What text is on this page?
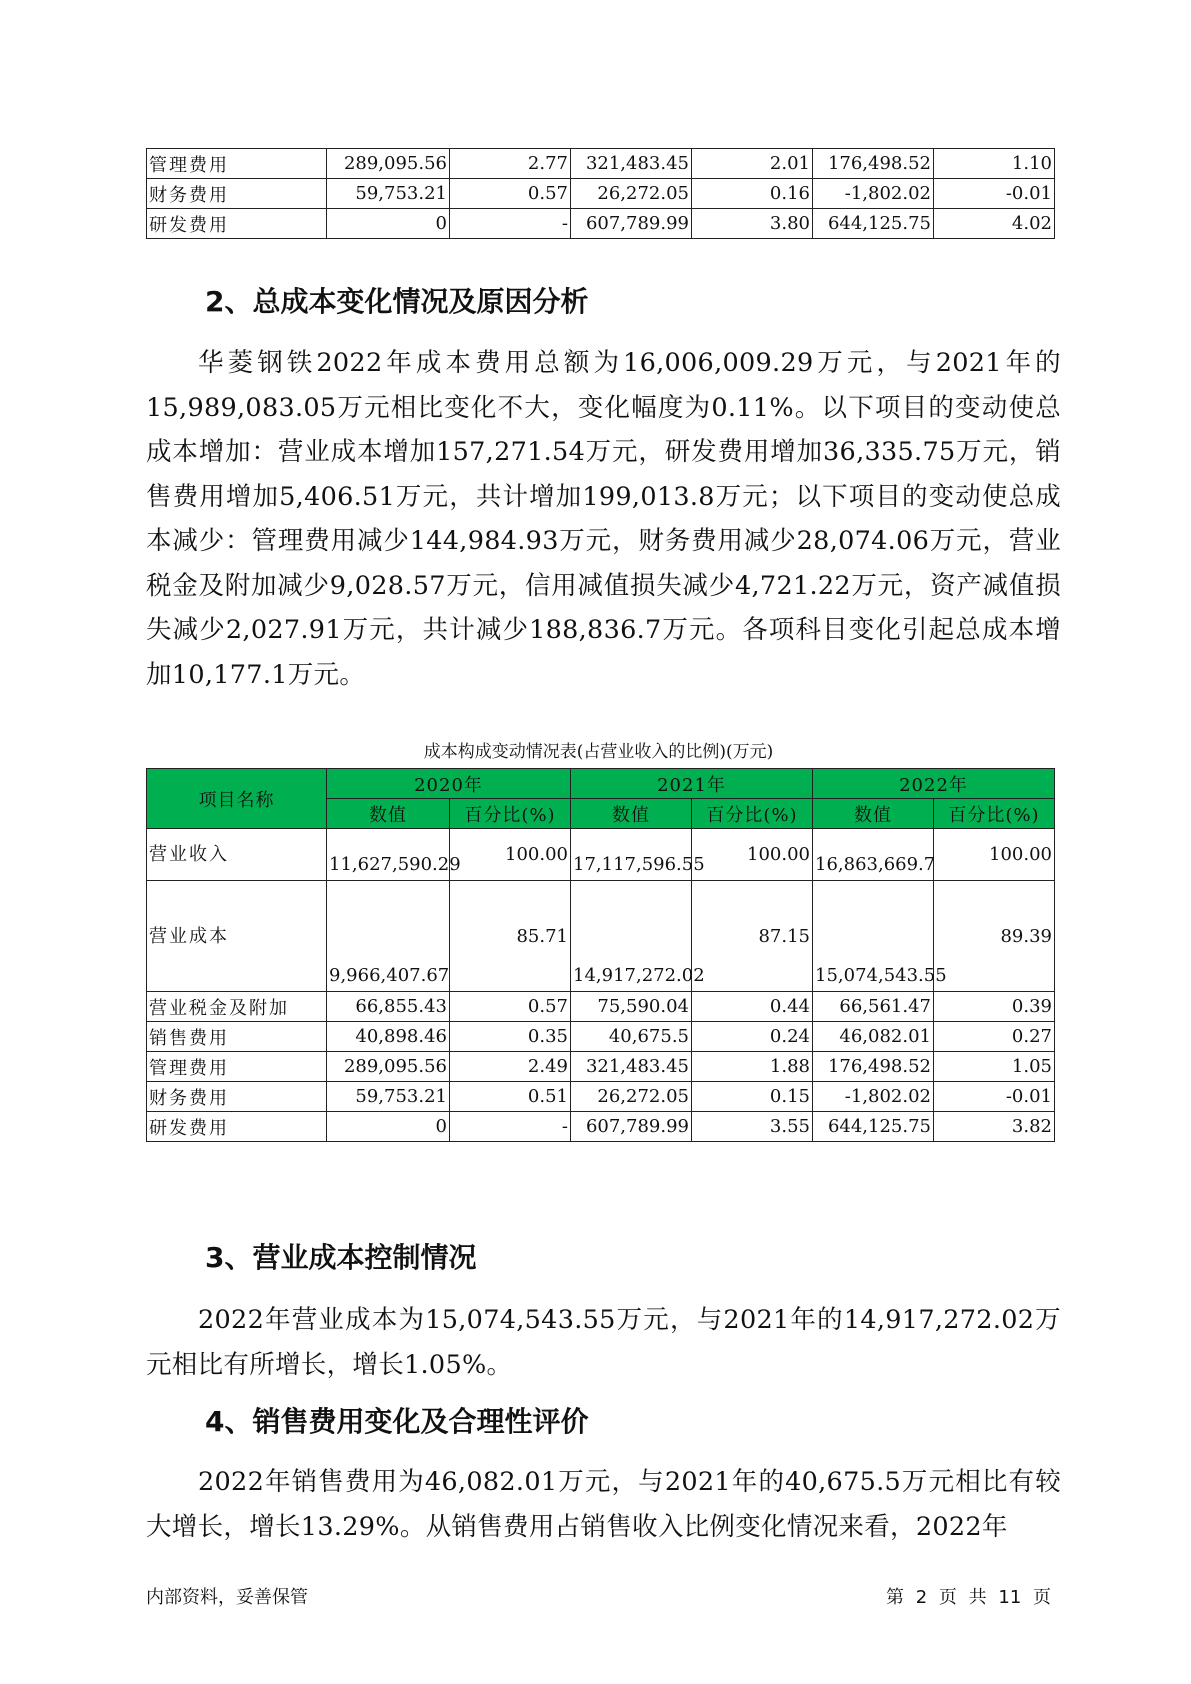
管理费用	289,095.56	2.77	321,483.45	2.01	176,498.52	1.10
财务费用	59,753.21	0.57	26,272.05	0.16	-1,802.02	-0.01
研发费用	0	-	607,789.99	3.80	644,125.75	4.02
2、总成本变化情况及原因分析
华菱钢铁2022年成本费用总额为16,006,009.29万元，与2021年的15,989,083.05万元相比变化不大，变化幅度为0.11%。以下项目的变动使总成本增加：营业成本增加157,271.54万元，研发费用增加36,335.75万元，销售费用增加5,406.51万元，共计增加199,013.8万元；以下项目的变动使总成本减少：管理费用减少144,984.93万元，财务费用减少28,074.06万元，营业税金及附加减少9,028.57万元，信用减值损失减少4,721.22万元，资产减值损失减少2,027.91万元，共计减少188,836.7万元。各项科目变化引起总成本增加10,177.1万元。
成本构成变动情况表(占营业收入的比例)(万元)
项目名称	2020年		2021年		2022年	
	数值	百分比(%)	数值	百分比(%)	数值	百分比(%)
营业收入	11,627,590.29	100.00	17,117,596.55	100.00	16,863,669.7	100.00
营业成本	9,966,407.67	85.71	14,917,272.02	87.15	15,074,543.55	89.39
营业税金及附加	66,855.43	0.57	75,590.04	0.44	66,561.47	0.39
销售费用	40,898.46	0.35	40,675.5	0.24	46,082.01	0.27
管理费用	289,095.56	2.49	321,483.45	1.88	176,498.52	1.05
财务费用	59,753.21	0.51	26,272.05	0.15	-1,802.02	-0.01
研发费用	0	-	607,789.99	3.55	644,125.75	3.82
3、营业成本控制情况
2022年营业成本为15,074,543.55万元，与2021年的14,917,272.02万元相比有所增长，增长1.05%。
4、销售费用变化及合理性评价
2022年销售费用为46,082.01万元，与2021年的40,675.5万元相比有较大增长，增长13.29%。从销售费用占销售收入比例变化情况来看，2022年
内部资料，妥善保管	第 2 页 共 11 页
